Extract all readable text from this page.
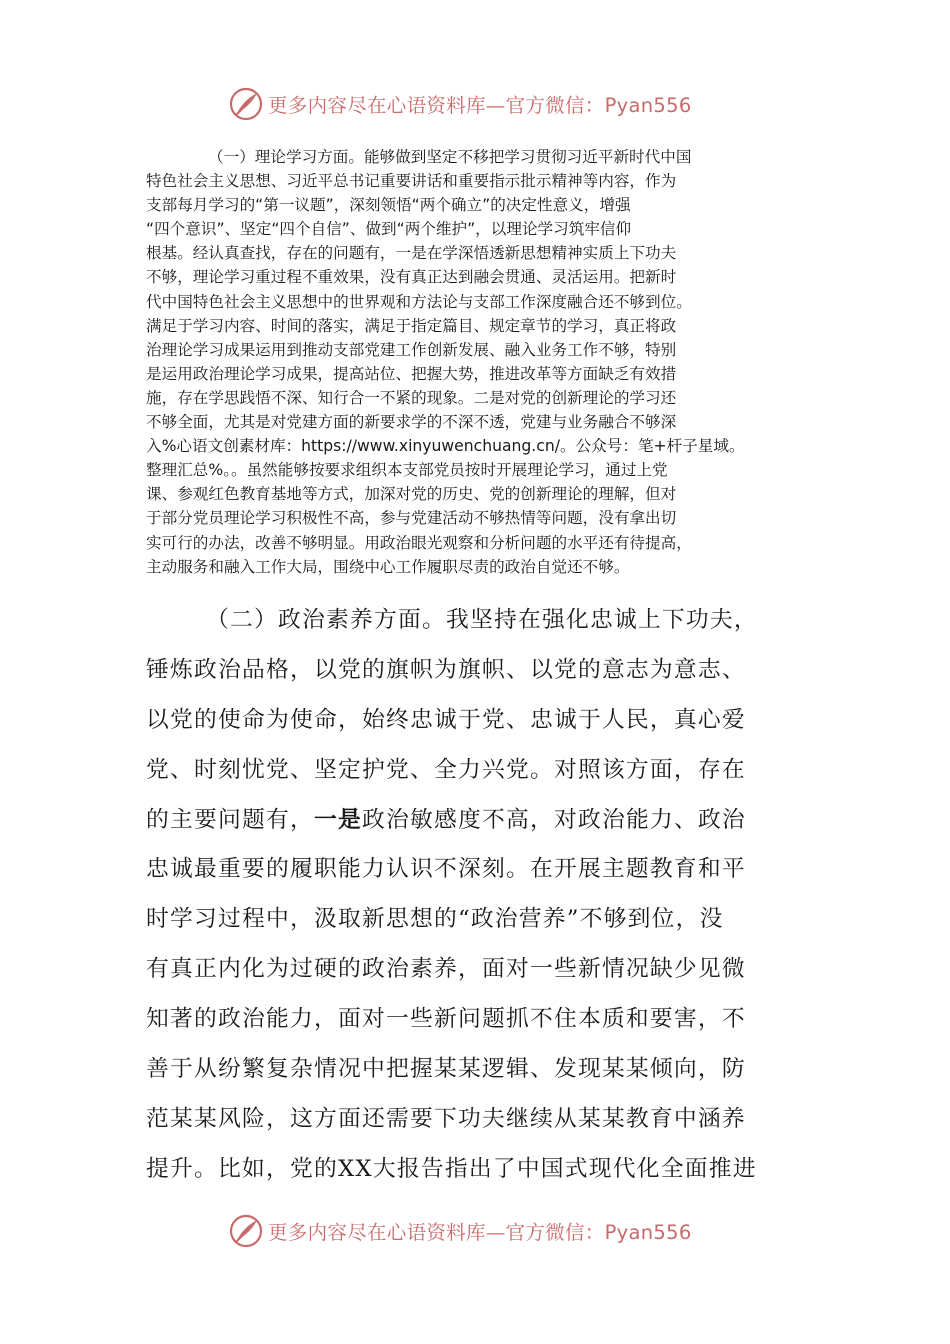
更多内容尽在心语资料库—官方微信：Pyan556
（一）理论学习方面。能够做到坚定不移把学习贯彻习近平新时代中国
特色社会主义思想、习近平总书记重要讲话和重要指示批示精神等内容，作为
支部每月学习的“第一议题”，深刻领悟“两个确立”的决定性意义，增强
“四个意识”、坚定“四个自信”、做到“两个维护”，以理论学习筑牢信仰
根基。经认真查找，存在的问题有，一是在学深悟透新思想精神实质上下功夫
不够，理论学习重过程不重效果，没有真正达到融会贯通、灵活运用。把新时
代中国特色社会主义思想中的世界观和方法论与支部工作深度融合还不够到位。
满足于学习内容、时间的落实，满足于指定篇目、规定章节的学习，真正将政
治理论学习成果运用到推动支部党建工作创新发展、融入业务工作不够，特别
是运用政治理论学习成果，提高站位、把握大势，推进改革等方面缺乏有效措
施，存在学思践悟不深、知行合一不紧的现象。二是对党的创新理论的学习还
不够全面，尤其是对党建方面的新要求学的不深不透，党建与业务融合不够深
入%心语文创素材库：https://www.xinyuwenchuang.cn/。公众号：笔+杆子星域。
整理汇总%。。虽然能够按要求组织本支部党员按时开展理论学习，通过上党
课、参观红色教育基地等方式，加深对党的历史、党的创新理论的理解，但对
于部分党员理论学习积极性不高，参与党建活动不够热情等问题，没有拿出切
实可行的办法，改善不够明显。用政治眼光观察和分析问题的水平还有待提高，
主动服务和融入工作大局，围绕中心工作履职尽责的政治自觉还不够。
（二）政治素养方面。我坚持在强化忠诚上下功夫，
锤炼政治品格，以党的旗帜为旗帜、以党的意志为意志、
以党的使命为使命，始终忠诚于党、忠诚于人民，真心爱
党、时刻忧党、坚定护党、全力兴党。对照该方面，存在
的主要问题有，一是政治敏感度不高，对政治能力、政治
忠诚最重要的履职能力认识不深刻。在开展主题教育和平
时学习过程中，汲取新思想的“政治营养”不够到位，没
有真正内化为过硬的政治素养，面对一些新情况缺少见微
知著的政治能力，面对一些新问题抓不住本质和要害，不
善于从纷繁复杂情况中把握某某逻辑、发现某某倾向，防
范某某风险，这方面还需要下功夫继续从某某教育中涵养
提升。比如，党的XX大报告指出了中国式现代化全面推进
更多内容尽在心语资料库—官方微信：Pyan556
